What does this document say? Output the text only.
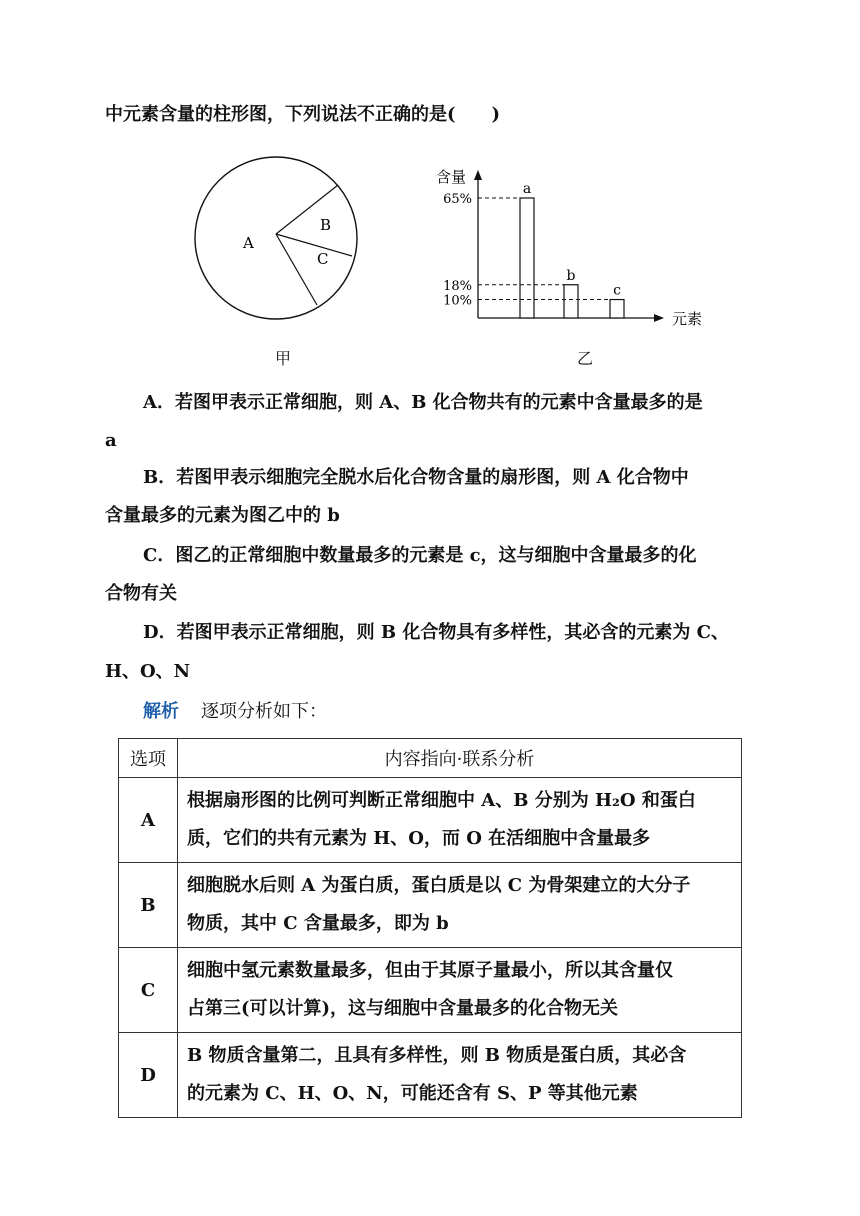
中元素含量的柱形图，下列说法不正确的是(　　)
A
B
C
甲
含量
元素
a
65%
b
18%	c
10%
乙
A．若图甲表示正常细胞，则 A、B 化合物共有的元素中含量最多的是
a
B．若图甲表示细胞完全脱水后化合物含量的扇形图，则 A 化合物中
含量最多的元素为图乙中的 b
C．图乙的正常细胞中数量最多的元素是 c，这与细胞中含量最多的化
合物有关
D．若图甲表示正常细胞，则 B 化合物具有多样性，其必含的元素为 C、
H、O、N
解析 逐项分析如下：
选项	内容指向·联系分析
A	根据扇形图的比例可判断正常细胞中 A、B 分别为 H₂O 和蛋白
质，它们的共有元素为 H、O，而 O 在活细胞中含量最多

B	细胞脱水后则 A 为蛋白质，蛋白质是以 C 为骨架建立的大分子
物质，其中 C 含量最多，即为 b

C	细胞中氢元素数量最多，但由于其原子量最小，所以其含量仅
占第三(可以计算)，这与细胞中含量最多的化合物无关

D	B 物质含量第二，且具有多样性，则 B 物质是蛋白质，其必含
的元素为 C、H、O、N，可能还含有 S、P 等其他元素
